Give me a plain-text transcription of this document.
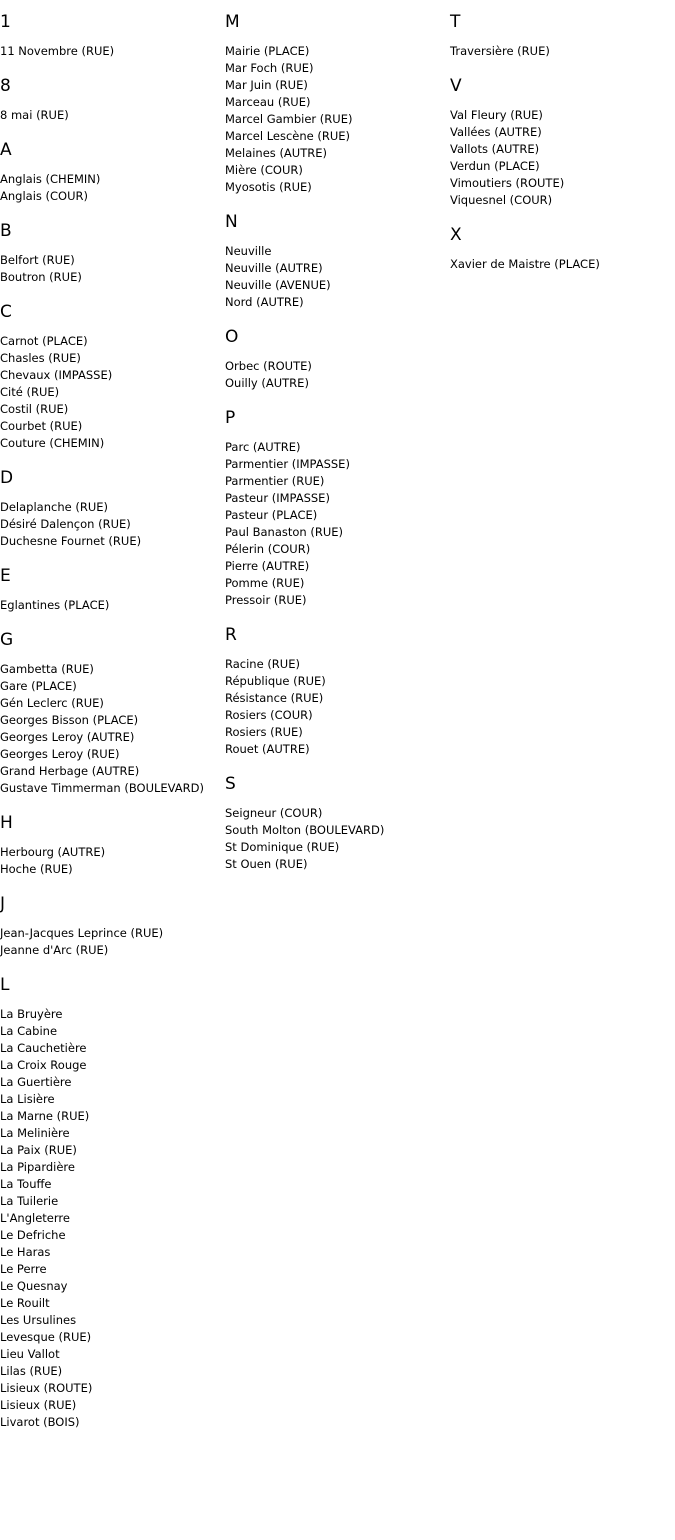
1
11 Novembre (RUE)
8
8 mai (RUE)
A
Anglais (CHEMIN)
Anglais (COUR)
B
Belfort (RUE)
Boutron (RUE)
C
Carnot (PLACE)
Chasles (RUE)
Chevaux (IMPASSE)
Cité (RUE)
Costil (RUE)
Courbet (RUE)
Couture (CHEMIN)
D
Delaplanche (RUE)
Désiré Dalençon (RUE)
Duchesne Fournet (RUE)
E
Eglantines (PLACE)
G
Gambetta (RUE)
Gare (PLACE)
Gén Leclerc (RUE)
Georges Bisson (PLACE)
Georges Leroy (AUTRE)
Georges Leroy (RUE)
Grand Herbage (AUTRE)
Gustave Timmerman (BOULEVARD)
H
Herbourg (AUTRE)
Hoche (RUE)
J
Jean-Jacques Leprince (RUE)
Jeanne d'Arc (RUE)
L
La Bruyère
La Cabine
La Cauchetière
La Croix Rouge
La Guertière
La Lisière
La Marne (RUE)
La Melinière
La Paix (RUE)
La Pipardière
La Touffe
La Tuilerie
L'Angleterre
Le Defriche
Le Haras
Le Perre
Le Quesnay
Le Rouilt
Les Ursulines
Levesque (RUE)
Lieu Vallot
Lilas (RUE)
Lisieux (ROUTE)
Lisieux (RUE)
Livarot (BOIS)
M
Mairie (PLACE)
Mar Foch (RUE)
Mar Juin (RUE)
Marceau (RUE)
Marcel Gambier (RUE)
Marcel Lescène (RUE)
Melaines (AUTRE)
Mière (COUR)
Myosotis (RUE)
N
Neuville
Neuville (AUTRE)
Neuville (AVENUE)
Nord (AUTRE)
O
Orbec (ROUTE)
Ouilly (AUTRE)
P
Parc (AUTRE)
Parmentier (IMPASSE)
Parmentier (RUE)
Pasteur (IMPASSE)
Pasteur (PLACE)
Paul Banaston (RUE)
Pélerin (COUR)
Pierre (AUTRE)
Pomme (RUE)
Pressoir (RUE)
R
Racine (RUE)
République (RUE)
Résistance (RUE)
Rosiers (COUR)
Rosiers (RUE)
Rouet (AUTRE)
S
Seigneur (COUR)
South Molton (BOULEVARD)
St Dominique (RUE)
St Ouen (RUE)
T
Traversière (RUE)
V
Val Fleury (RUE)
Vallées (AUTRE)
Vallots (AUTRE)
Verdun (PLACE)
Vimoutiers (ROUTE)
Viquesnel (COUR)
X
Xavier de Maistre (PLACE)
